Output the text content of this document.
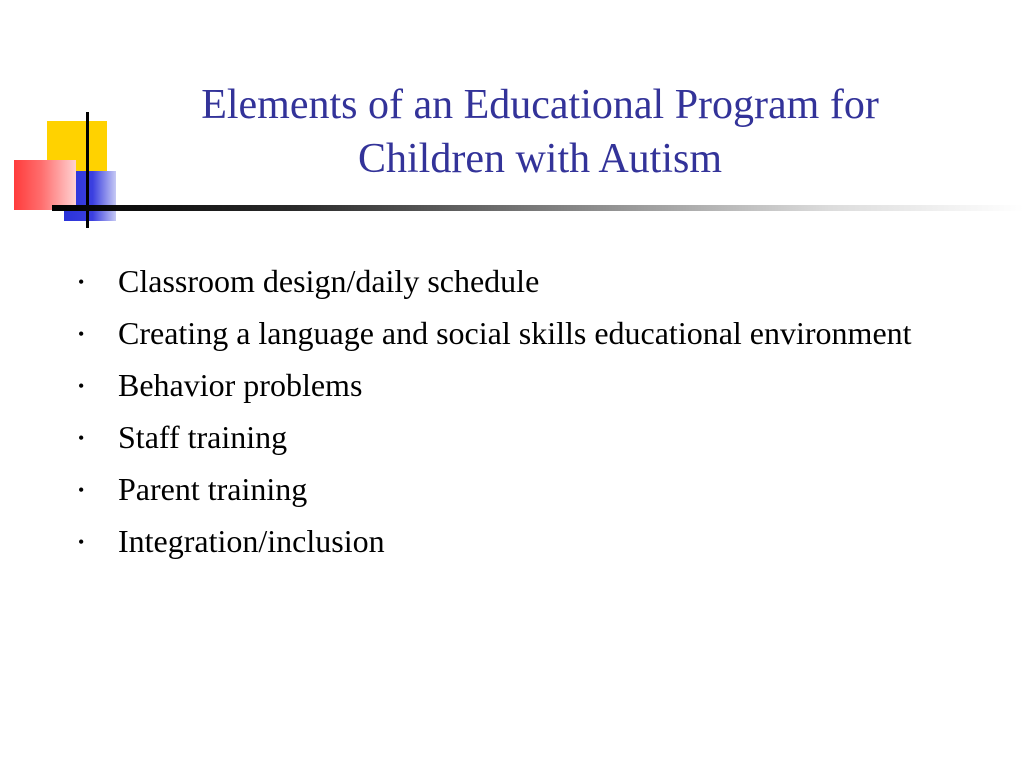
Elements of an Educational Program for
Children with Autism
• Classroom design/daily schedule
• Creating a language and social skills educational environment
• Behavior problems
• Staff training
• Parent training
• Integration/inclusion
